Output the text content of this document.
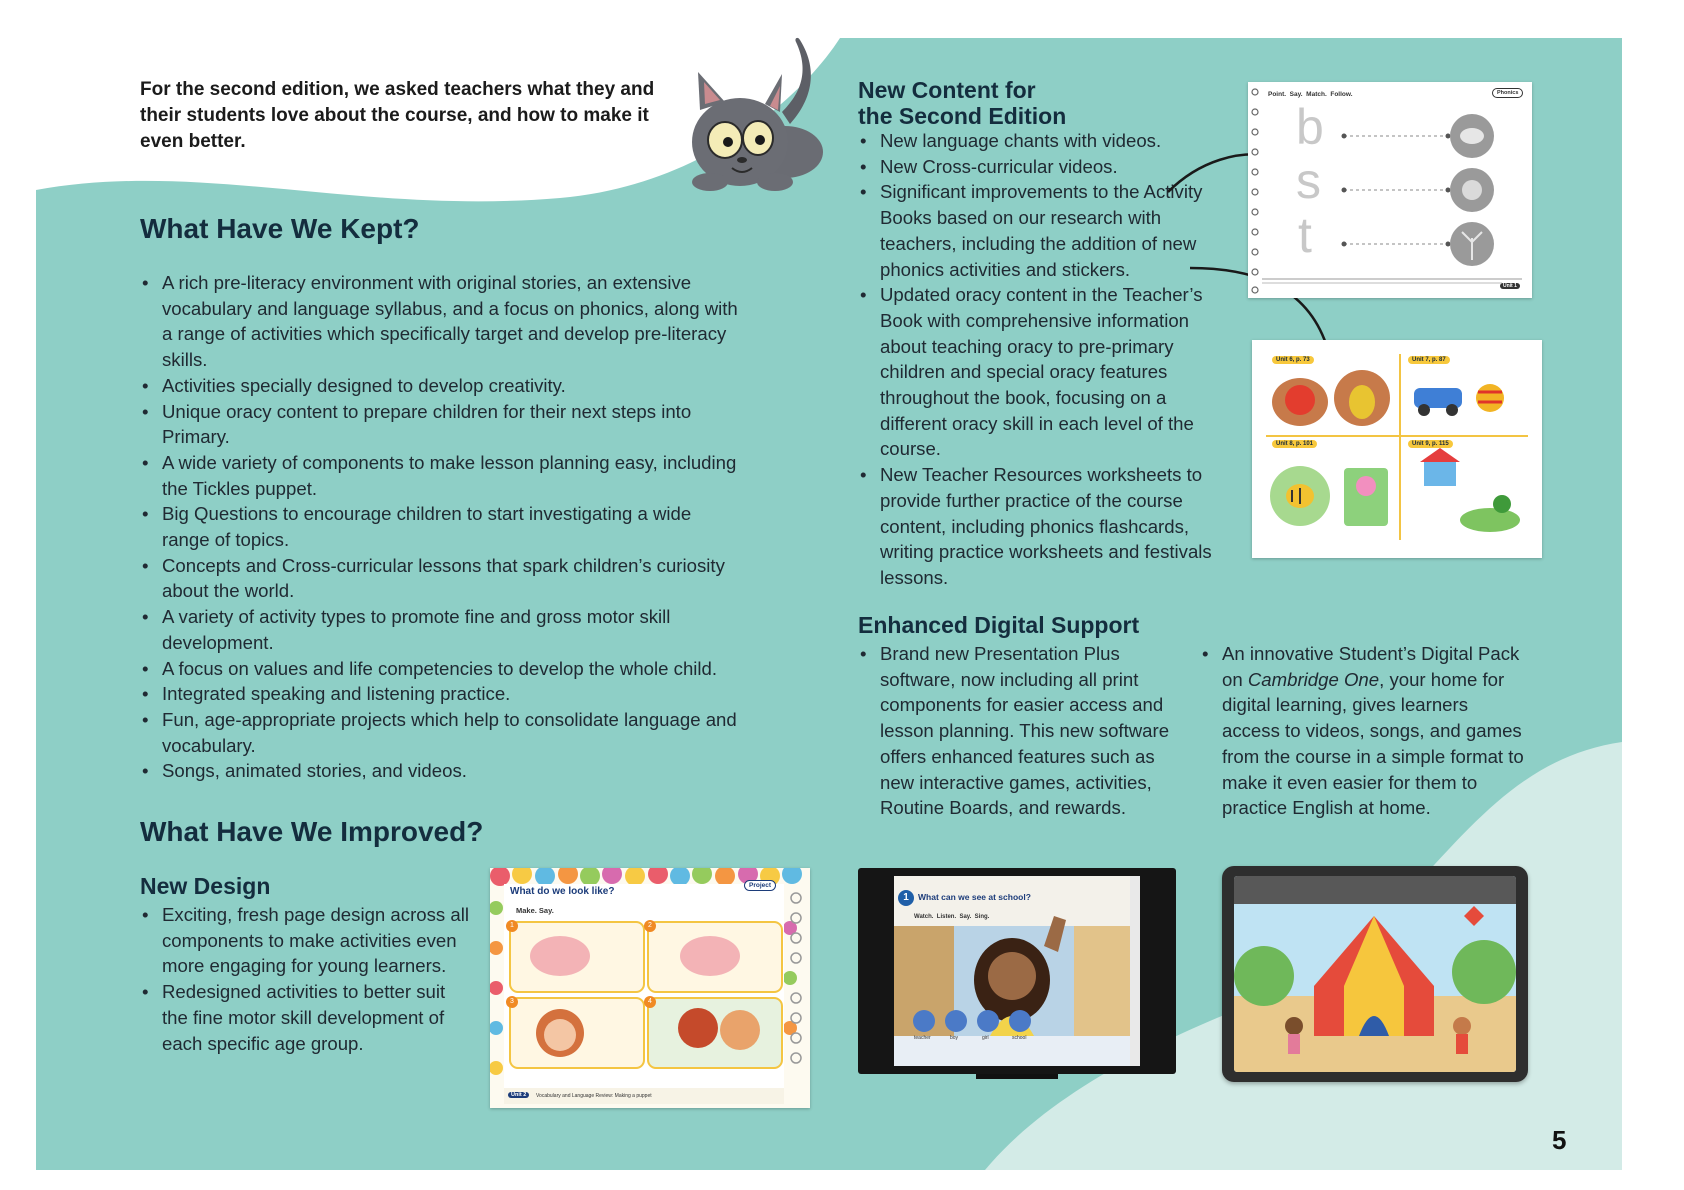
For the second edition, we asked teachers what they and their students love about the course, and how to make it even better.

What Have We Kept?
• A rich pre-literacy environment with original stories, an extensive vocabulary and language syllabus, and a focus on phonics, along with a range of activities which specifically target and develop pre-literacy skills.
• Activities specially designed to develop creativity.
• Unique oracy content to prepare children for their next steps into Primary.
• A wide variety of components to make lesson planning easy, including the Tickles puppet.
• Big Questions to encourage children to start investigating a wide range of topics.
• Concepts and Cross-curricular lessons that spark children’s curiosity about the world.
• A variety of activity types to promote fine and gross motor skill development.
• A focus on values and life competencies to develop the whole child.
• Integrated speaking and listening practice.
• Fun, age-appropriate projects which help to consolidate language and vocabulary.
• Songs, animated stories, and videos.
What Have We Improved?
New Design
• Exciting, fresh page design across all components to make activities even more engaging for young learners.
• Redesigned activities to better suit the fine motor skill development of each specific age group.
What do we look like?
Project
Make. Say.
1	2
3	4
Unit 2	Vocabulary and Language Review: Making a puppet
New Content for
the Second Edition
• New language chants with videos.
• New Cross-curricular videos.
• Significant improvements to the Activity Books based on our research with teachers, including the addition of new phonics activities and stickers.
• Updated oracy content in the Teacher’s Book with comprehensive information about teaching oracy to pre-primary children and special oracy features throughout the book, focusing on a different oracy skill in each level of the course.
• New Teacher Resources worksheets to provide further practice of the course content, including phonics flashcards, writing practice worksheets and festivals lessons.
Point.  Say.  Match.  Follow.	Phonics
b
s
t
Unit 1
Unit 6, p. 73	Unit 7, p. 87
Unit 8, p. 101	Unit 9, p. 115
Enhanced Digital Support
• Brand new Presentation Plus software, now including all print components for easier access and lesson planning. This new software offers enhanced features such as new interactive games, activities, Routine Boards, and rewards.
• An innovative Student’s Digital Pack on Cambridge One, your home for digital learning, gives learners access to videos, songs, and games from the course in a simple format to make it even easier for them to practice English at home.
1	What can we see at school?
Watch.  Listen.  Say.  Sing.
teacher	boy	girl	school
5
